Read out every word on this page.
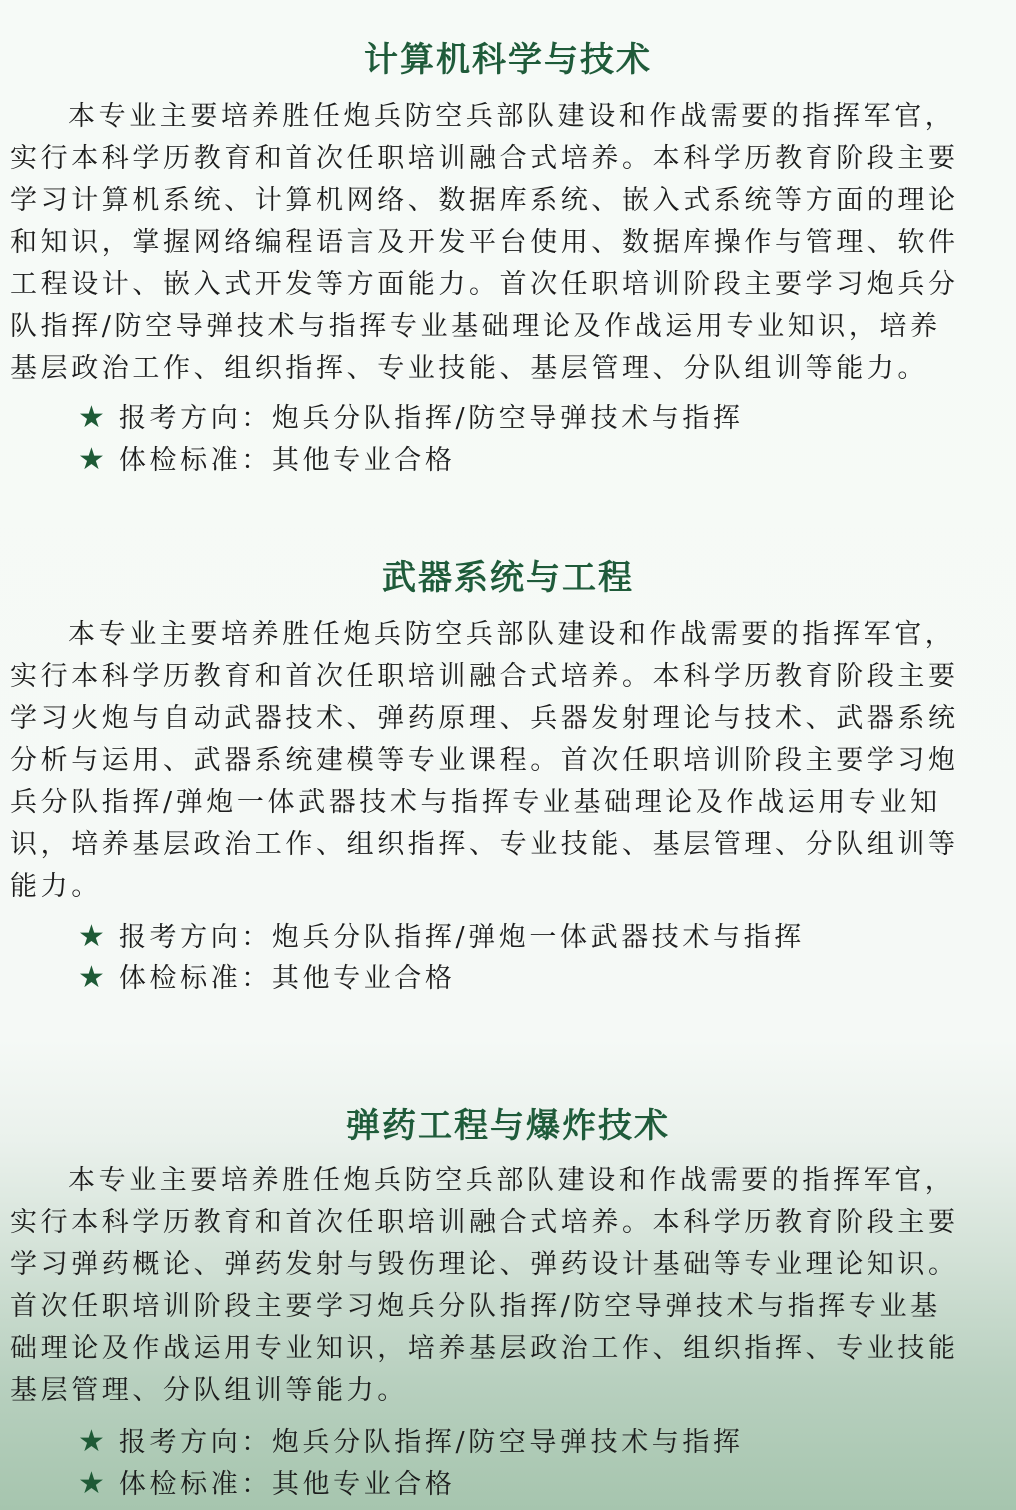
计算机科学与技术
本专业主要培养胜任炮兵防空兵部队建设和作战需要的指挥军官，
实行本科学历教育和首次任职培训融合式培养。本科学历教育阶段主要
学习计算机系统、计算机网络、数据库系统、嵌入式系统等方面的理论
和知识，掌握网络编程语言及开发平台使用、数据库操作与管理、软件
工程设计、嵌入式开发等方面能力。首次任职培训阶段主要学习炮兵分
队指挥/防空导弹技术与指挥专业基础理论及作战运用专业知识，培养
基层政治工作、组织指挥、专业技能、基层管理、分队组训等能力。
★ 报考方向：炮兵分队指挥/防空导弹技术与指挥
★ 体检标准：其他专业合格
武器系统与工程
本专业主要培养胜任炮兵防空兵部队建设和作战需要的指挥军官，
实行本科学历教育和首次任职培训融合式培养。本科学历教育阶段主要
学习火炮与自动武器技术、弹药原理、兵器发射理论与技术、武器系统
分析与运用、武器系统建模等专业课程。首次任职培训阶段主要学习炮
兵分队指挥/弹炮一体武器技术与指挥专业基础理论及作战运用专业知
识，培养基层政治工作、组织指挥、专业技能、基层管理、分队组训等
能力。
★ 报考方向：炮兵分队指挥/弹炮一体武器技术与指挥
★ 体检标准：其他专业合格
弹药工程与爆炸技术
本专业主要培养胜任炮兵防空兵部队建设和作战需要的指挥军官，
实行本科学历教育和首次任职培训融合式培养。本科学历教育阶段主要
学习弹药概论、弹药发射与毁伤理论、弹药设计基础等专业理论知识。
首次任职培训阶段主要学习炮兵分队指挥/防空导弹技术与指挥专业基
础理论及作战运用专业知识，培养基层政治工作、组织指挥、专业技能
基层管理、分队组训等能力。
★ 报考方向：炮兵分队指挥/防空导弹技术与指挥
★ 体检标准：其他专业合格
